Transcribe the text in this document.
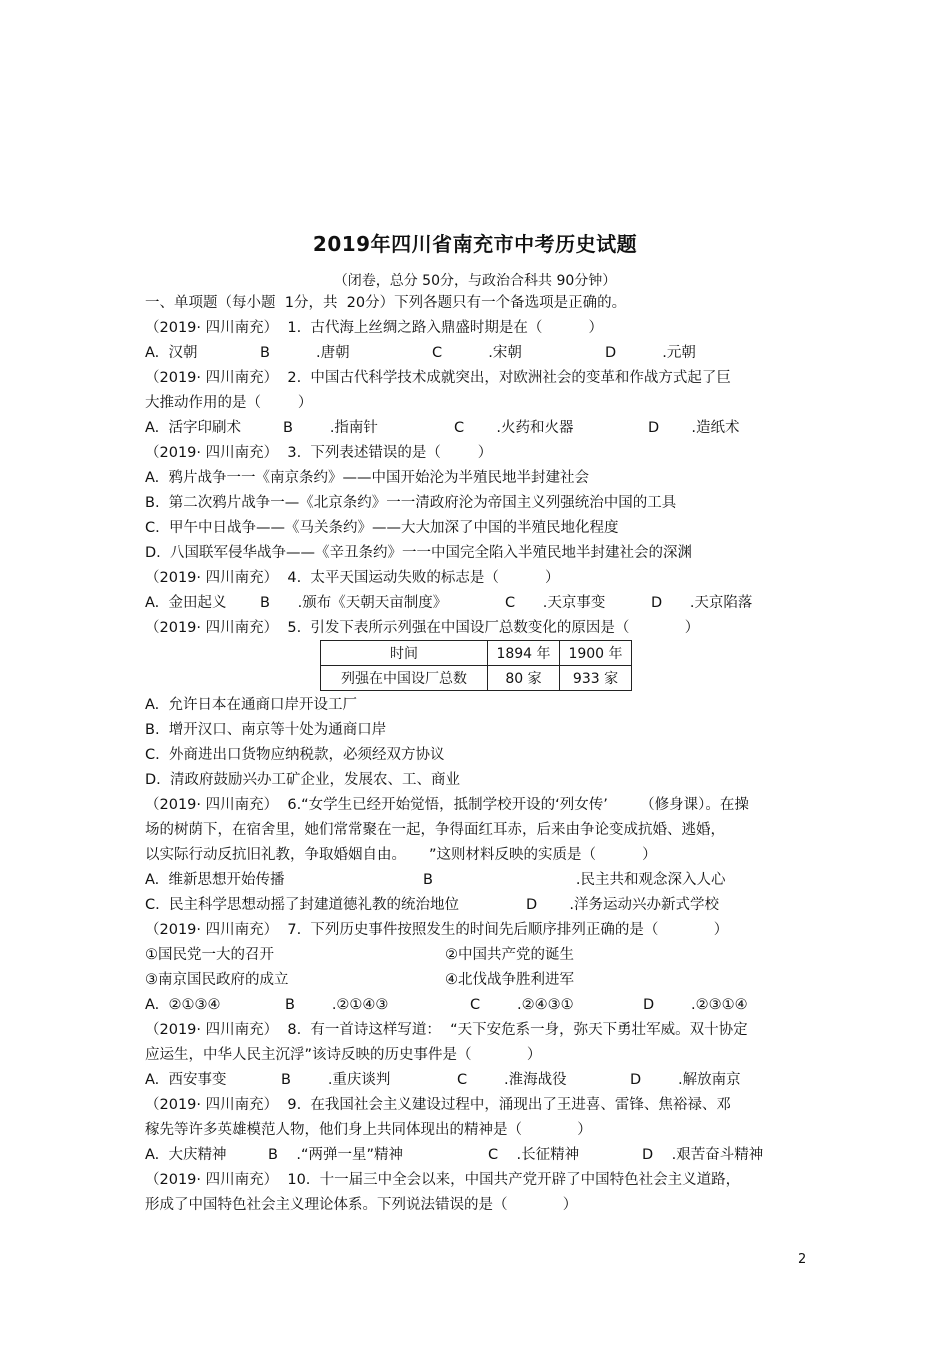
2019年四川省南充市中考历史试题
（闭卷，总分 50分，与政治合科共 90分钟）
一、单项题（每小题  1分，共  20分）下列各题只有一个备选项是正确的。
（2019· 四川南充）  1.  古代海上丝绸之路入鼎盛时期是在（          ）
A.  汉朝	B          .唐朝	C          .宋朝	D          .元朝
（2019· 四川南充）  2.  中国古代科学技术成就突出，对欧洲社会的变革和作战方式起了巨
大推动作用的是（        ）
A.  活字印刷术	B        .指南针	C       .火药和火器	D       .造纸术
（2019· 四川南充）  3.  下列表述错误的是（        ）
A.  鸦片战争一一《南京条约》——中国开始沦为半殖民地半封建社会
B.  第二次鸦片战争一—《北京条约》一一清政府沦为帝国主义列强统治中国的工具
C.  甲午中日战争——《马关条约》——大大加深了中国的半殖民地化程度
D.  八国联军侵华战争——《辛丑条约》一一中国完全陷入半殖民地半封建社会的深渊
（2019· 四川南充）  4.  太平天国运动失败的标志是（          ）
A.  金田起义 B      .颁布《天朝天亩制度》	C      .天京事变	D      .天京陷落
（2019· 四川南充）  5.  引发下表所示列强在中国设厂总数变化的原因是（            ）
时间	1894 年	1900 年
列强在中国设厂总数	80 家	933 家
A.  允许日本在通商口岸开设工厂
B.  增开汉口、南京等十处为通商口岸
C.  外商进出口货物应纳税款，必须经双方协议
D.  清政府鼓励兴办工矿企业，发展农、工、商业
（2019· 四川南充）  6.“女学生已经开始觉悟，抵制学校开设的‘列女传’       （修身课）。在操
场的树荫下，在宿舍里，她们常常聚在一起，争得面红耳赤，后来由争论变成抗婚、逃婚，
以实际行动反抗旧礼教，争取婚姻自由。     ”这则材料反映的实质是（          ）
A.  维新思想开始传播	B                               .民主共和观念深入人心
C.  民主科学思想动摇了封建道德礼教的统治地位	D       .洋务运动兴办新式学校
（2019· 四川南充）  7.  下列历史事件按照发生的时间先后顺序排列正确的是（            ）
①国民党一大的召开	②中国共产党的诞生
③南京国民政府的成立	④北伐战争胜利进军
A.  ②①③④	B        .②①④③	C        .②④③①	D        .②③①④
（2019· 四川南充）  8.  有一首诗这样写道：  “天下安危系一身，弥天下勇壮军威。双十协定
应运生，中华人民主沉浮”该诗反映的历史事件是（            ）
A.  西安事变	B        .重庆谈判	C        .淮海战役	D        .解放南京
（2019· 四川南充）  9.  在我国社会主义建设过程中，涌现出了王进喜、雷锋、焦裕禄、邓
稼先等许多英雄模范人物，他们身上共同体现出的精神是（            ）
A.  大庆精神	B    .“两弹一星”精神	C    .长征精神	D    .艰苦奋斗精神
（2019· 四川南充）  10.  十一届三中全会以来，中国共产党开辟了中国特色社会主义道路，
形成了中国特色社会主义理论体系。下列说法错误的是（            ）
2
